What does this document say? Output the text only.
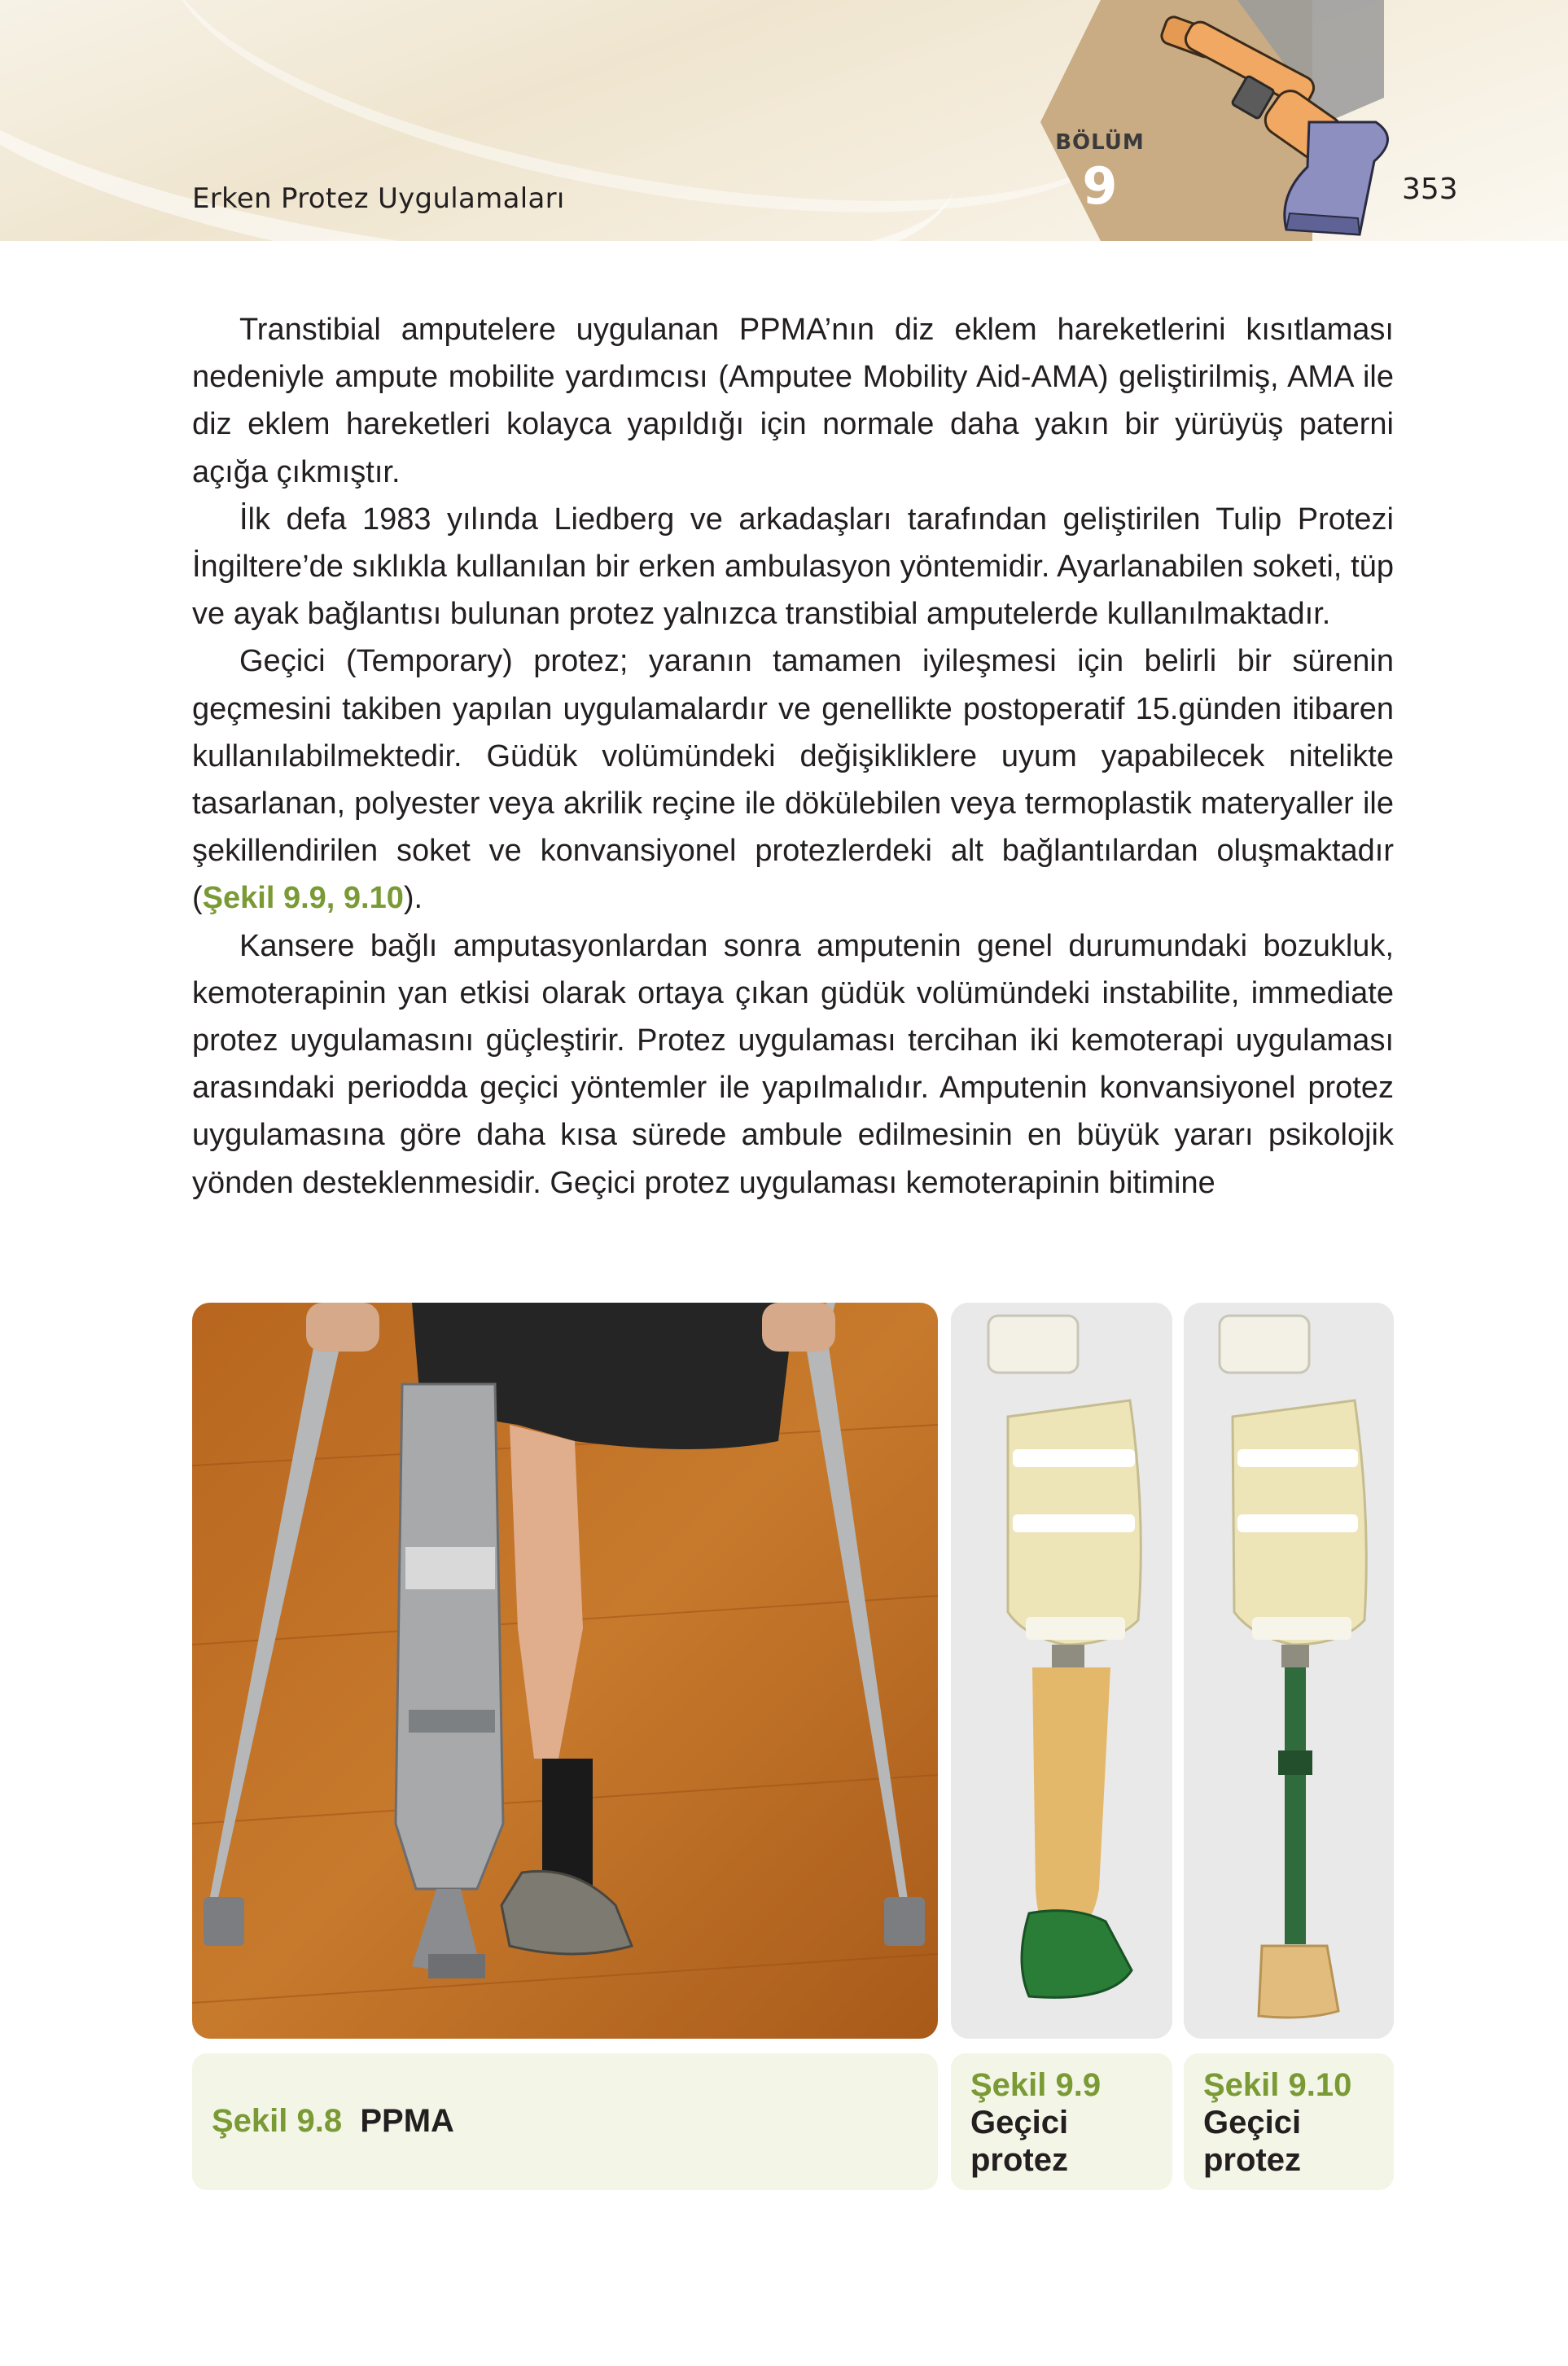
Erken Protez Uygulamaları
BÖLÜM
9	353

Transtibial amputelere uygulanan PPMA’nın diz eklem hareketlerini kısıtlaması nedeniyle ampute mobilite yardımcısı (Amputee Mobility Aid-AMA) geliştirilmiş, AMA ile diz eklem hareketleri kolayca yapıldığı için normale daha yakın bir yürüyüş paterni açığa çıkmıştır.

İlk defa 1983 yılında Liedberg ve arkadaşları tarafından geliştirilen Tulip Protezi İngiltere’de sıklıkla kullanılan bir erken ambulasyon yöntemidir. Ayarlanabilen soketi, tüp ve ayak bağlantısı bulunan protez yalnızca transtibial amputelerde kullanılmaktadır.

Geçici (Temporary) protez; yaranın tamamen iyileşmesi için belirli bir sürenin geçmesini takiben yapılan uygulamalardır ve genellikte postoperatif 15.günden itibaren kullanılabilmektedir. Güdük volümündeki değişikliklere uyum yapabilecek nitelikte tasarlanan, polyester veya akrilik reçine ile dökülebilen veya termoplastik materyaller ile şekillendirilen soket ve konvansiyonel protezlerdeki alt bağlantılardan oluşmaktadır (Şekil 9.9, 9.10).

Kansere bağlı amputasyonlardan sonra amputenin genel durumundaki bozukluk, kemoterapinin yan etkisi olarak ortaya çıkan güdük volümündeki instabilite, immediate protez uygulamasını güçleştirir. Protez uygulaması tercihan iki kemoterapi uygulaması arasındaki periodda geçici yöntemler ile yapılmalıdır. Amputenin konvansiyonel protez uygulamasına göre daha kısa sürede ambule edilmesinin en büyük yararı psikolojik yönden desteklenmesidir. Geçici protez uygulaması kemoterapinin bitimine

Şekil 9.8 PPMA
Şekil 9.9
Geçici
protez
Şekil 9.10
Geçici
protez
